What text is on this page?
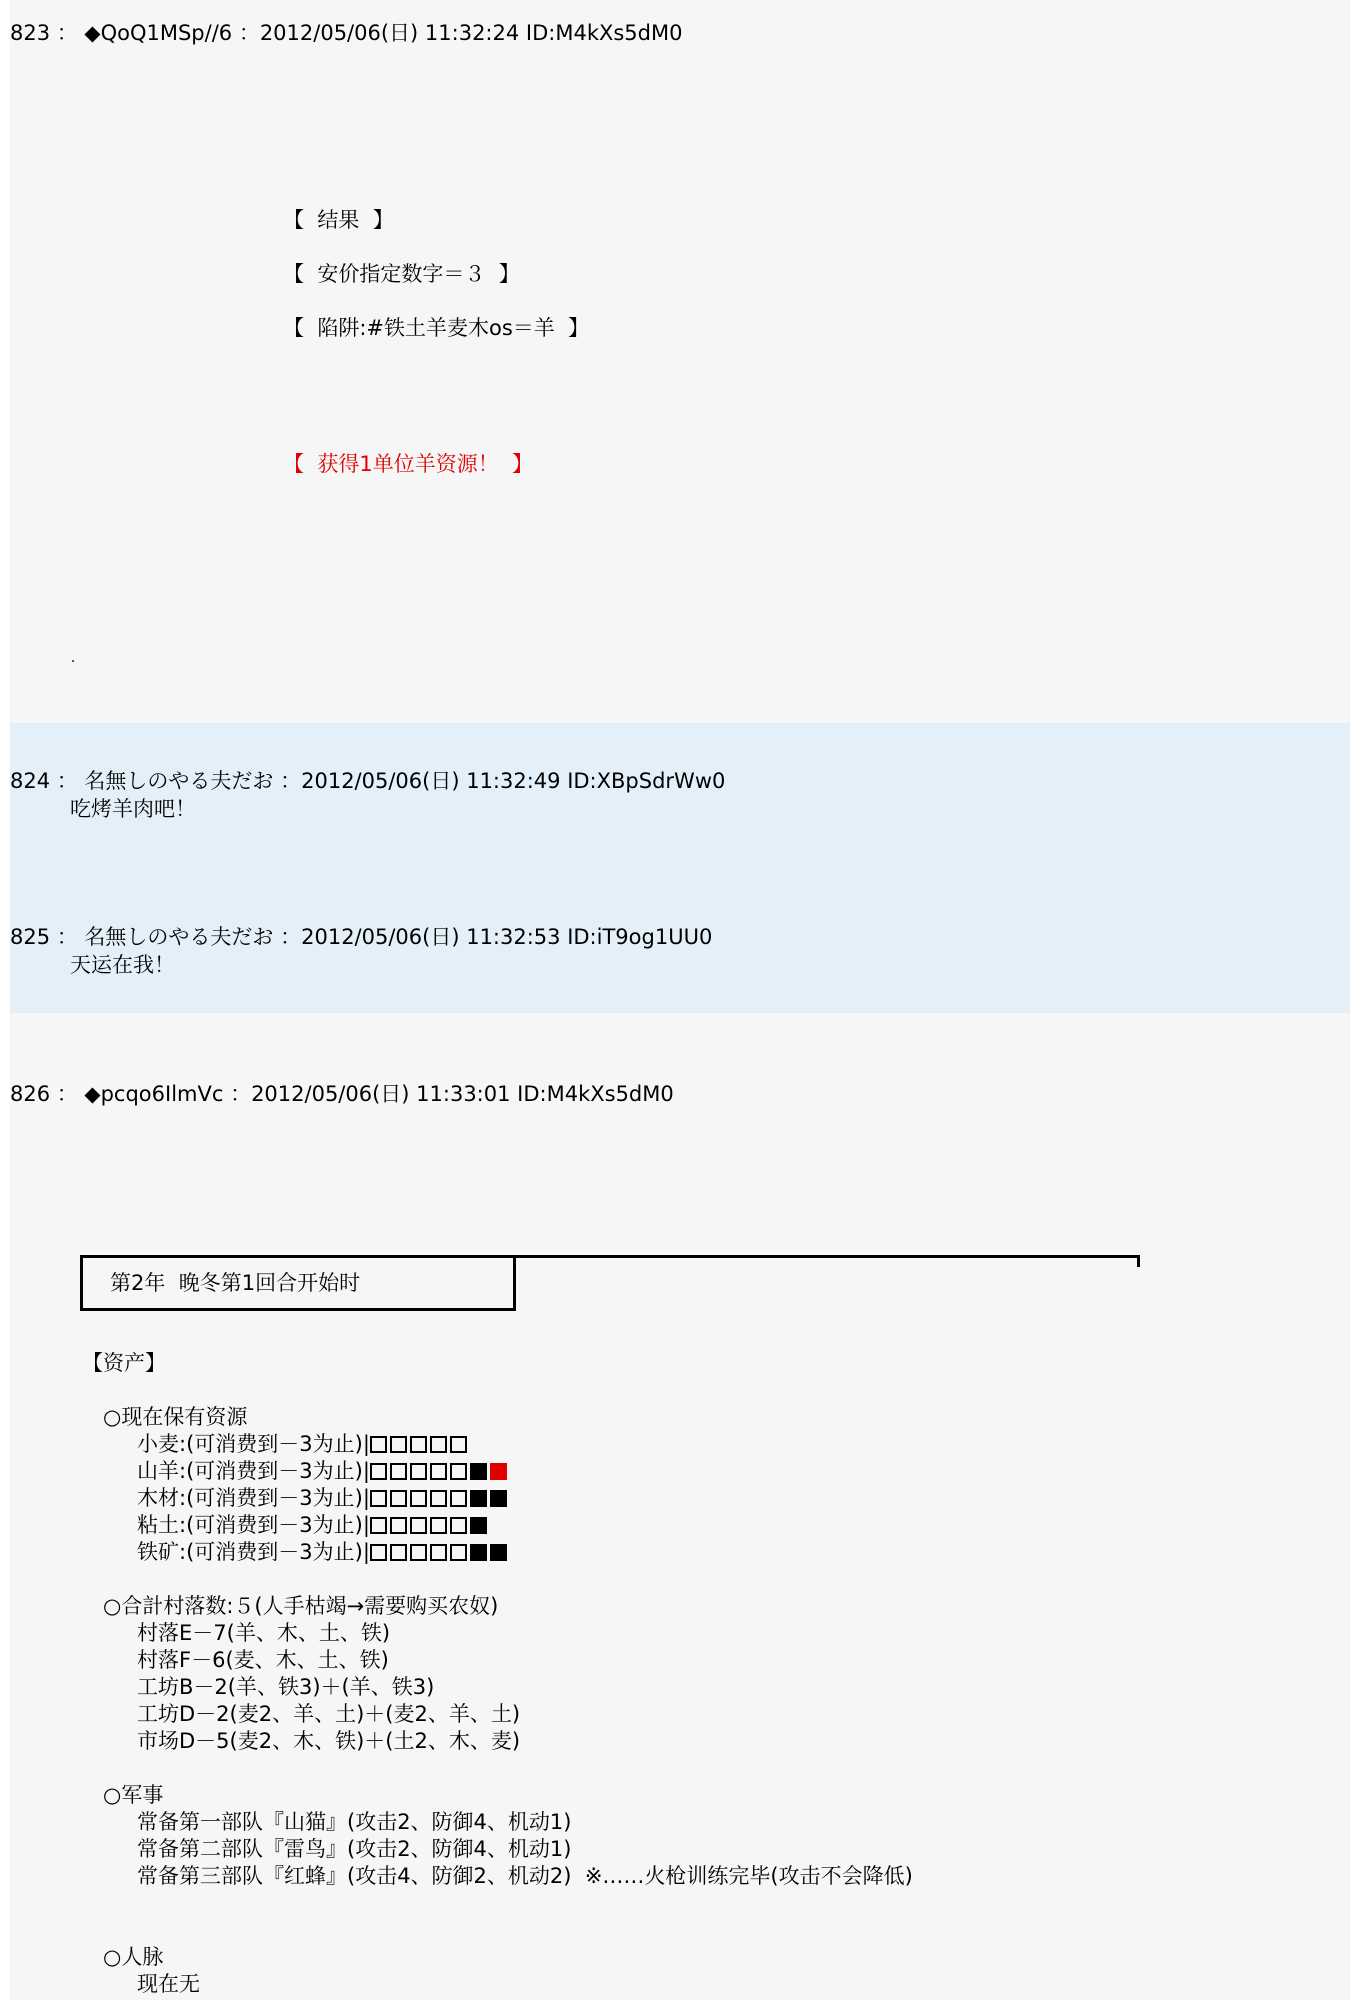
823 ： ◆QoQ1MSp//6 ：2012/05/06(日) 11:32:24 ID:M4kXs5dM0
【  结果  】
【  安价指定数字＝３  】
【  陷阱:#铁土羊麦木os＝羊  】
【  获得1单位羊资源！  】
824 ： 名無しのやる夫だお ：2012/05/06(日) 11:32:49 ID:XBpSdrWw0
吃烤羊肉吧！
825 ： 名無しのやる夫だお ：2012/05/06(日) 11:32:53 ID:iT9og1UU0
天运在我！
826 ： ◆pcqo6IlmVc ：2012/05/06(日) 11:33:01 ID:M4kXs5dM0
第2年  晚冬第1回合开始时
【资产】
○现在保有资源
小麦:(可消费到－3为止)|
山羊:(可消费到－3为止)|
木材:(可消费到－3为止)|
粘土:(可消费到－3为止)|
铁矿:(可消费到－3为止)|
○合計村落数:５(人手枯竭→需要购买农奴)
村落E－7(羊、木、土、铁)
村落F－6(麦、木、土、铁)
工坊B－2(羊、铁3)＋(羊、铁3)
工坊D－2(麦2、羊、土)＋(麦2、羊、土)
市场D－5(麦2、木、铁)＋(土2、木、麦)
○军事
常备第一部队『山猫』(攻击2、防御4、机动1)
常备第二部队『雷鸟』(攻击2、防御4、机动1)
常备第三部队『红蜂』(攻击4、防御2、机动2)  ※……火枪训练完毕(攻击不会降低)
○人脉
现在无
